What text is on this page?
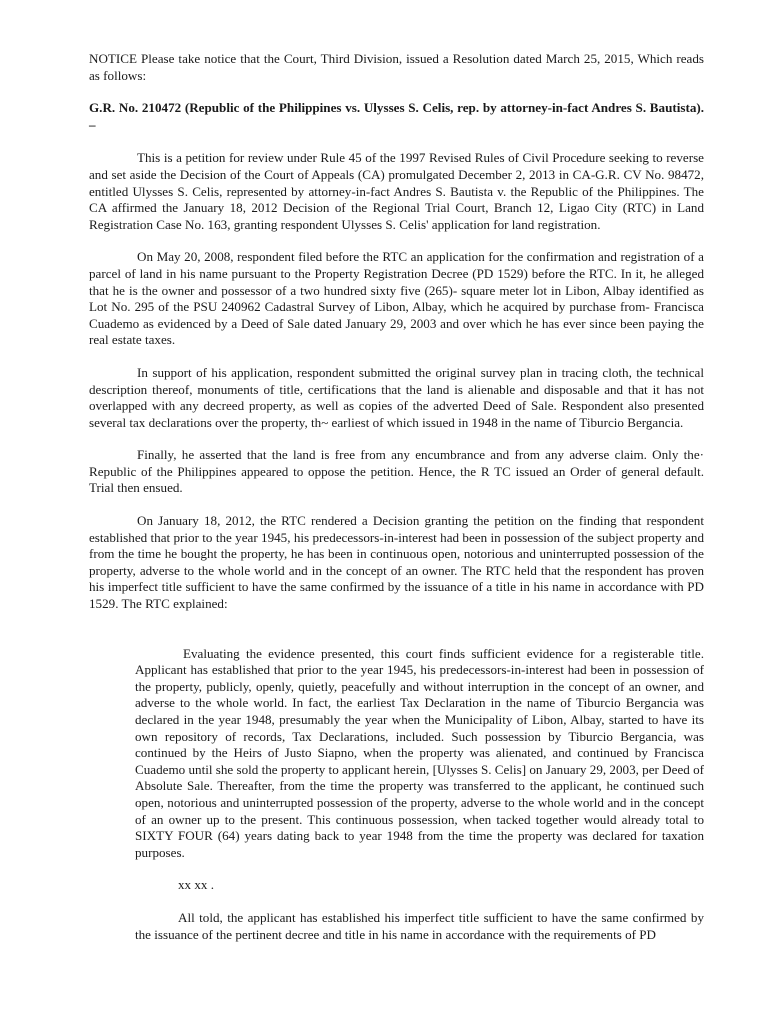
NOTICE Please take notice that the Court, Third Division, issued a Resolution dated March 25, 2015, Which reads as follows:

G.R. No. 210472 (Republic of the Philippines vs. Ulysses S. Celis, rep. by attorney-in-fact Andres S. Bautista). –

This is a petition for review under Rule 45 of the 1997 Revised Rules of Civil Procedure seeking to reverse and set aside the Decision of the Court of Appeals (CA) promulgated December 2, 2013 in CA-G.R. CV No. 98472, entitled Ulysses S. Celis, represented by attorney-in-fact Andres S. Bautista v. the Republic of the Philippines. The CA affirmed the January 18, 2012 Decision of the Regional Trial Court, Branch 12, Ligao City (RTC) in Land Registration Case No. 163, granting respondent Ulysses S. Celis' application for land registration.

On May 20, 2008, respondent filed before the RTC an application for the confirmation and registration of a parcel of land in his name pursuant to the Property Registration Decree (PD 1529) before the RTC. In it, he alleged that he is the owner and possessor of a two hundred sixty five (265)- square meter lot in Libon, Albay identified as Lot No. 295 of the PSU 240962 Cadastral Survey of Libon, Albay, which he acquired by purchase from- Francisca Cuademo as evidenced by a Deed of Sale dated January 29, 2003 and over which he has ever since been paying the real estate taxes.

In support of his application, respondent submitted the original survey plan in tracing cloth, the technical description thereof, monuments of title, certifications that the land is alienable and disposable and that it has not overlapped with any decreed property, as well as copies of the adverted Deed of Sale. Respondent also presented several tax declarations over the property, th~ earliest of which issued in 1948 in the name of Tiburcio Bergancia.

Finally, he asserted that the land is free from any encumbrance and from any adverse claim. Only the· Republic of the Philippines appeared to oppose the petition. Hence, the R TC issued an Order of general default. Trial then ensued.

On January 18, 2012, the RTC rendered a Decision granting the petition on the finding that respondent established that prior to the year 1945, his predecessors-in-interest had been in possession of the subject property and from the time he bought the property, he has been in continuous open, notorious and uninterrupted possession of the property, adverse to the whole world and in the concept of an owner. The RTC held that the respondent has proven his imperfect title sufficient to have the same confirmed by the issuance of a title in his name in accordance with PD 1529. The RTC explained:

Evaluating the evidence presented, this court finds sufficient evidence for a registerable title. Applicant has established that prior to the year 1945, his predecessors-in-interest had been in possession of the property, publicly, openly, quietly, peacefully and without interruption in the concept of an owner, and adverse to the whole world. In fact, the earliest Tax Declaration in the name of Tiburcio Bergancia was declared in the year 1948, presumably the year when the Municipality of Libon, Albay, started to have its own repository of records, Tax Declarations, included. Such possession by Tiburcio Bergancia, was continued by the Heirs of Justo Siapno, when the property was alienated, and continued by Francisca Cuademo until she sold the property to applicant herein, [Ulysses S. Celis] on January 29, 2003, per Deed of Absolute Sale. Thereafter, from the time the property was transferred to the applicant, he continued such open, notorious and uninterrupted possession of the property, adverse to the whole world and in the concept of an owner up to the present. This continuous possession, when tacked together would already total to SIXTY FOUR (64) years dating back to year 1948 from the time the property was declared for taxation purposes.

xx xx .

All told, the applicant has established his imperfect title sufficient to have the same confirmed by the issuance of the pertinent decree and title in his name in accordance with the requirements of PD
